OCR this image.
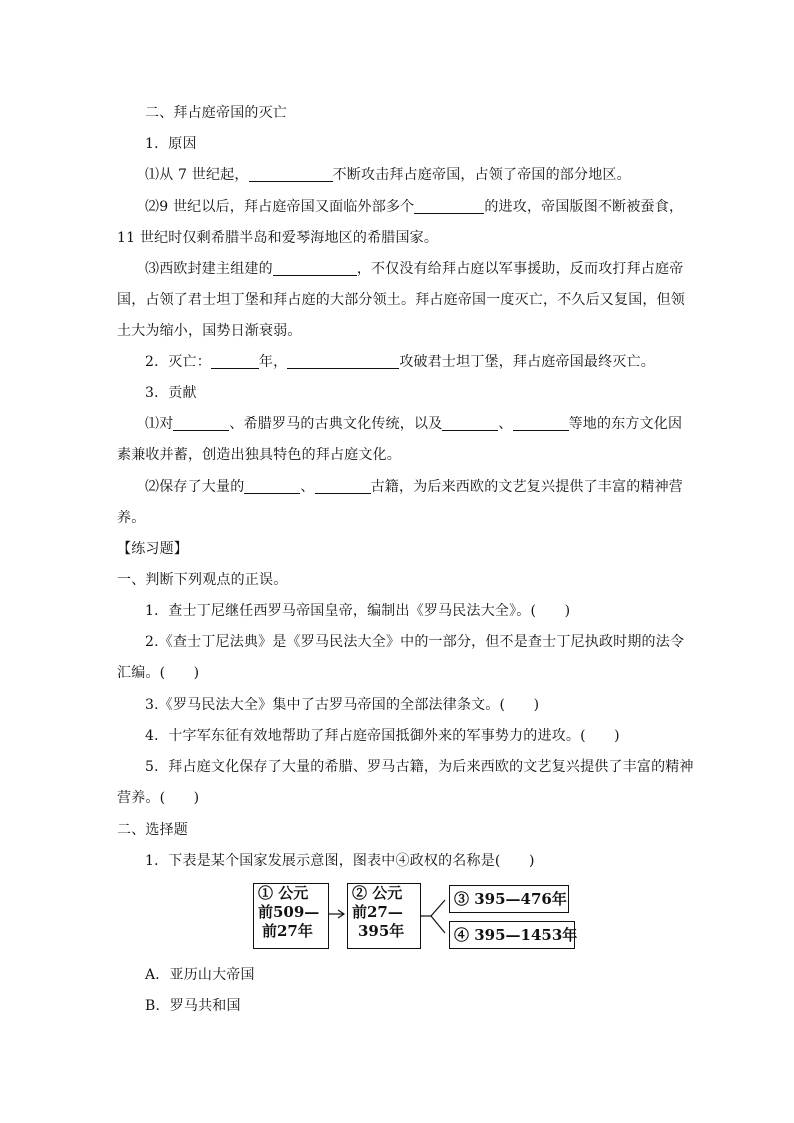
二、拜占庭帝国的灭亡
1．原因
⑴从 7 世纪起，	不断攻击拜占庭帝国，占领了帝国的部分地区。
⑵9 世纪以后，拜占庭帝国又面临外部多个	的进攻，帝国版图不断被蚕食，
11 世纪时仅剩希腊半岛和爱琴海地区的希腊国家。
⑶西欧封建主组建的	，不仅没有给拜占庭以军事援助，反而攻打拜占庭帝
国，占领了君士坦丁堡和拜占庭的大部分领土。拜占庭帝国一度灭亡，不久后又复国，但领
土大为缩小，国势日渐衰弱。
2．灭亡：	年，	攻破君士坦丁堡，拜占庭帝国最终灭亡。
3．贡献
⑴对	、希腊罗马的古典文化传统，以及	、	等地的东方文化因
素兼收并蓄，创造出独具特色的拜占庭文化。
⑵保存了大量的	、	古籍，为后来西欧的文艺复兴提供了丰富的精神营
养。
【练习题】
一、判断下列观点的正误。
1．查士丁尼继任西罗马帝国皇帝，编制出《罗马民法大全》。(　　)
2.《查士丁尼法典》是《罗马民法大全》中的一部分，但不是查士丁尼执政时期的法令
汇编。(　　)
3.《罗马民法大全》集中了古罗马帝国的全部法律条文。(　　)
4．十字军东征有效地帮助了拜占庭帝国抵御外来的军事势力的进攻。(　　)
5．拜占庭文化保存了大量的希腊、罗马古籍，为后来西欧的文艺复兴提供了丰富的精神
营养。(　　)
二、选择题
1．下表是某个国家发展示意图，图表中④政权的名称是(　　)
① 公元
前509—
前27年
② 公元
前27—
395年
③ 395—476年
④ 395—1453年
A．亚历山大帝国
B．罗马共和国
